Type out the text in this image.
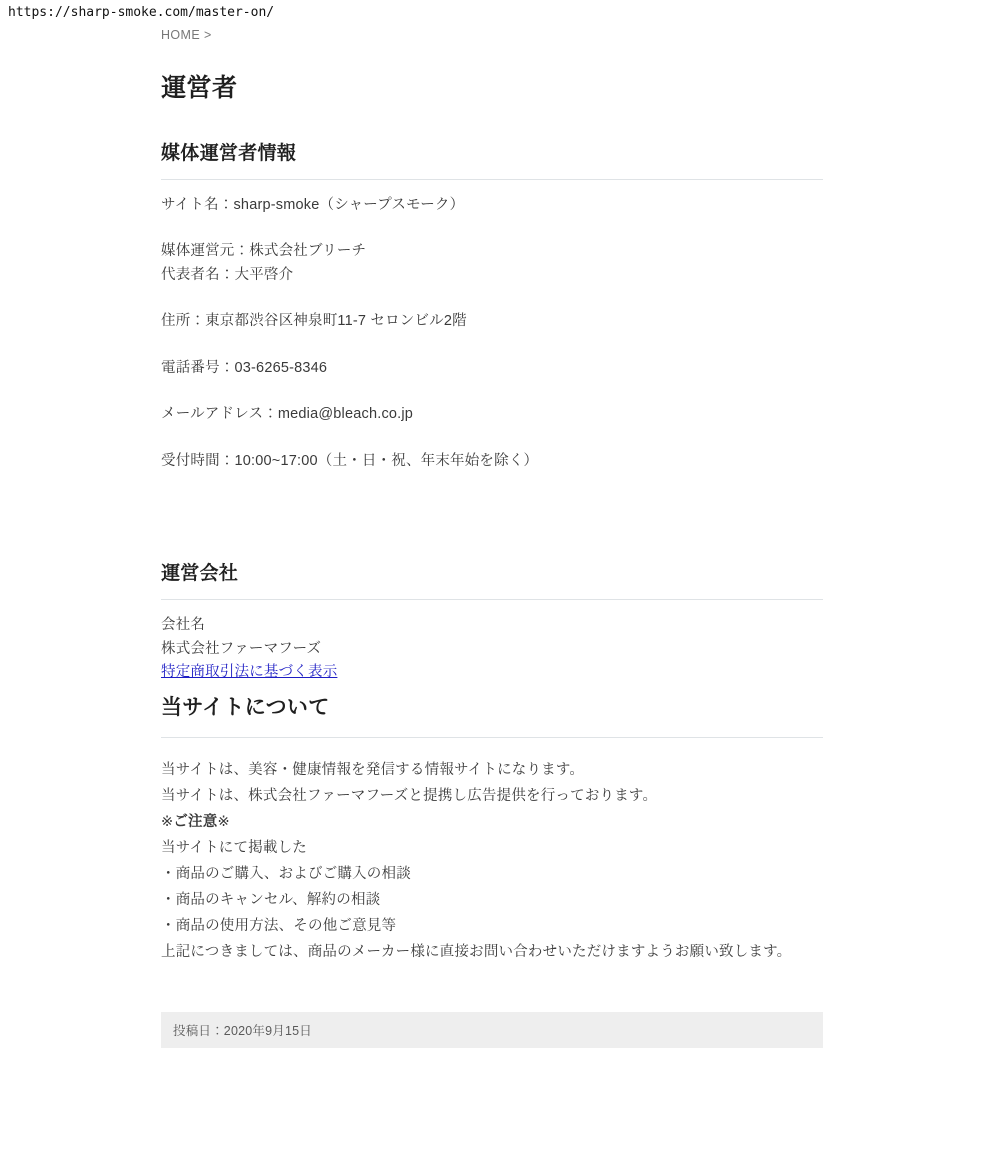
https://sharp-smoke.com/master-on/
HOME >
運営者
媒体運営者情報

サイト名：sharp-smoke（シャープスモーク）

媒体運営元：株式会社ブリーチ

代表者名：大平啓介

住所：東京都渋谷区神泉町11-7 セロンビル2階

電話番号：03-6265-8346

メールアドレス：media@bleach.co.jp

受付時間：10:00~17:00（土・日・祝、年末年始を除く）

運営会社
会社名
株式会社ファーマフーズ
特定商取引法に基づく表示
当サイトについて
当サイトは、美容・健康情報を発信する情報サイトになります。
当サイトは、株式会社ファーマフーズと提携し広告提供を行っております。
※ご注意※
当サイトにて掲載した
・商品のご購入、およびご購入の相談
・商品のキャンセル、解約の相談
・商品の使用方法、その他ご意見等
上記につきましては、商品のメーカー様に直接お問い合わせいただけますようお願い致します。
投稿日：2020年9月15日
